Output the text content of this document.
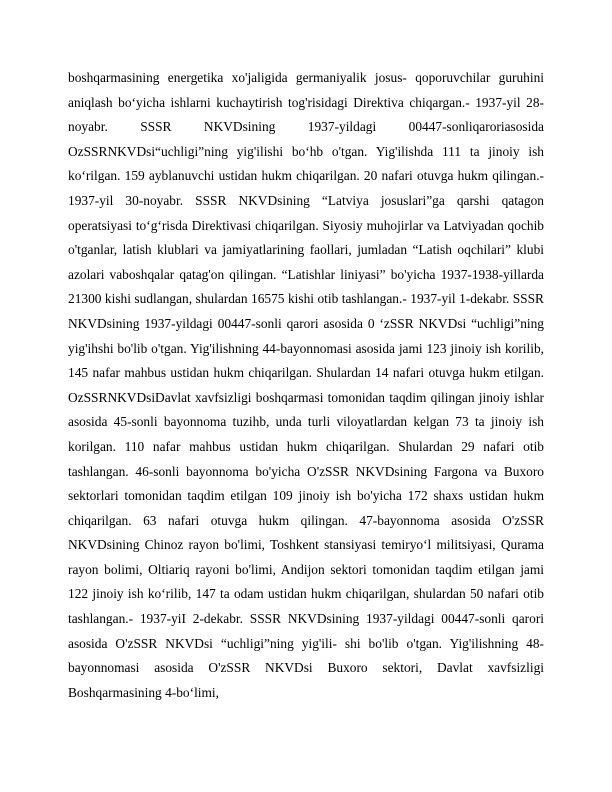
boshqarmasining energetika xo'jaligida germaniyalik josus- qoporuvchilar guruhini aniqlash bo‘yicha ishlarni kuchaytirish tog'risidagi Direktiva chiqargan.- 1937-yil 28-noyabr. SSSR NKVDsining 1937-yildagi 00447-sonliqaroriasosida OzSSRNKVDsi“uchligi”ning yig'ilishi bo‘hb o'tgan. Yig'ilishda 111 ta jinoiy ish ko‘rilgan. 159 ayblanuvchi ustidan hukm chiqarilgan. 20 nafari otuvga hukm qilingan.- 1937-yil 30-noyabr. SSSR NKVDsining “Latviya josuslari”ga qarshi qatagon operatsiyasi to‘g‘risda Direktivasi chiqarilgan. Siyosiy muhojirlar va Latviyadan qochib o'tganlar, latish klublari va jamiyatlarining faollari, jumladan “Latish oqchilari” klubi azolari vaboshqalar qatag'on qilingan. “Latishlar liniyasi” bo'yicha 1937-1938-yillarda 21300 kishi sudlangan, shulardan 16575 kishi otib tashlangan.- 1937-yil 1-dekabr. SSSR NKVDsining 1937-yildagi 00447-sonli qarori asosida 0 ‘zSSR NKVDsi “uchligi”ning yig'ihshi bo'lib o'tgan. Yig'ilishning 44-bayonnomasi asosida jami 123 jinoiy ish korilib, 145 nafar mahbus ustidan hukm chiqarilgan. Shulardan 14 nafari otuvga hukm etilgan. OzSSRNKVDsiDavlat xavfsizligi boshqarmasi tomonidan taqdim qilingan jinoiy ishlar asosida 45-sonli bayonnoma tuzihb, unda turli viloyatlardan kelgan 73 ta jinoiy ish korilgan. 110 nafar mahbus ustidan hukm chiqarilgan. Shulardan 29 nafari otib tashlangan. 46-sonli bayonnoma bo'yicha O'zSSR NKVDsining Fargona va Buxoro sektorlari tomonidan taqdim etilgan 109 jinoiy ish bo'yicha 172 shaxs ustidan hukm chiqarilgan. 63 nafari otuvga hukm qilingan. 47-bayonnoma asosida O'zSSR NKVDsining Chinoz rayon bo'limi, Toshkent stansiyasi temiryo‘l militsiyasi, Qurama rayon bolimi, Oltiariq rayoni bo'limi, Andijon sektori tomonidan taqdim etilgan jami 122 jinoiy ish ko‘rilib, 147 ta odam ustidan hukm chiqarilgan, shulardan 50 nafari otib tashlangan.- 1937-yiI 2-dekabr. SSSR NKVDsining 1937-yildagi 00447-sonli qarori asosida O'zSSR NKVDsi “uchligi”ning yig'ili- shi bo'lib o'tgan. Yig'ilishning 48-bayonnomasi asosida O'zSSR NKVDsi Buxoro sektori, Davlat xavfsizligi Boshqarmasining 4-bo‘limi,
